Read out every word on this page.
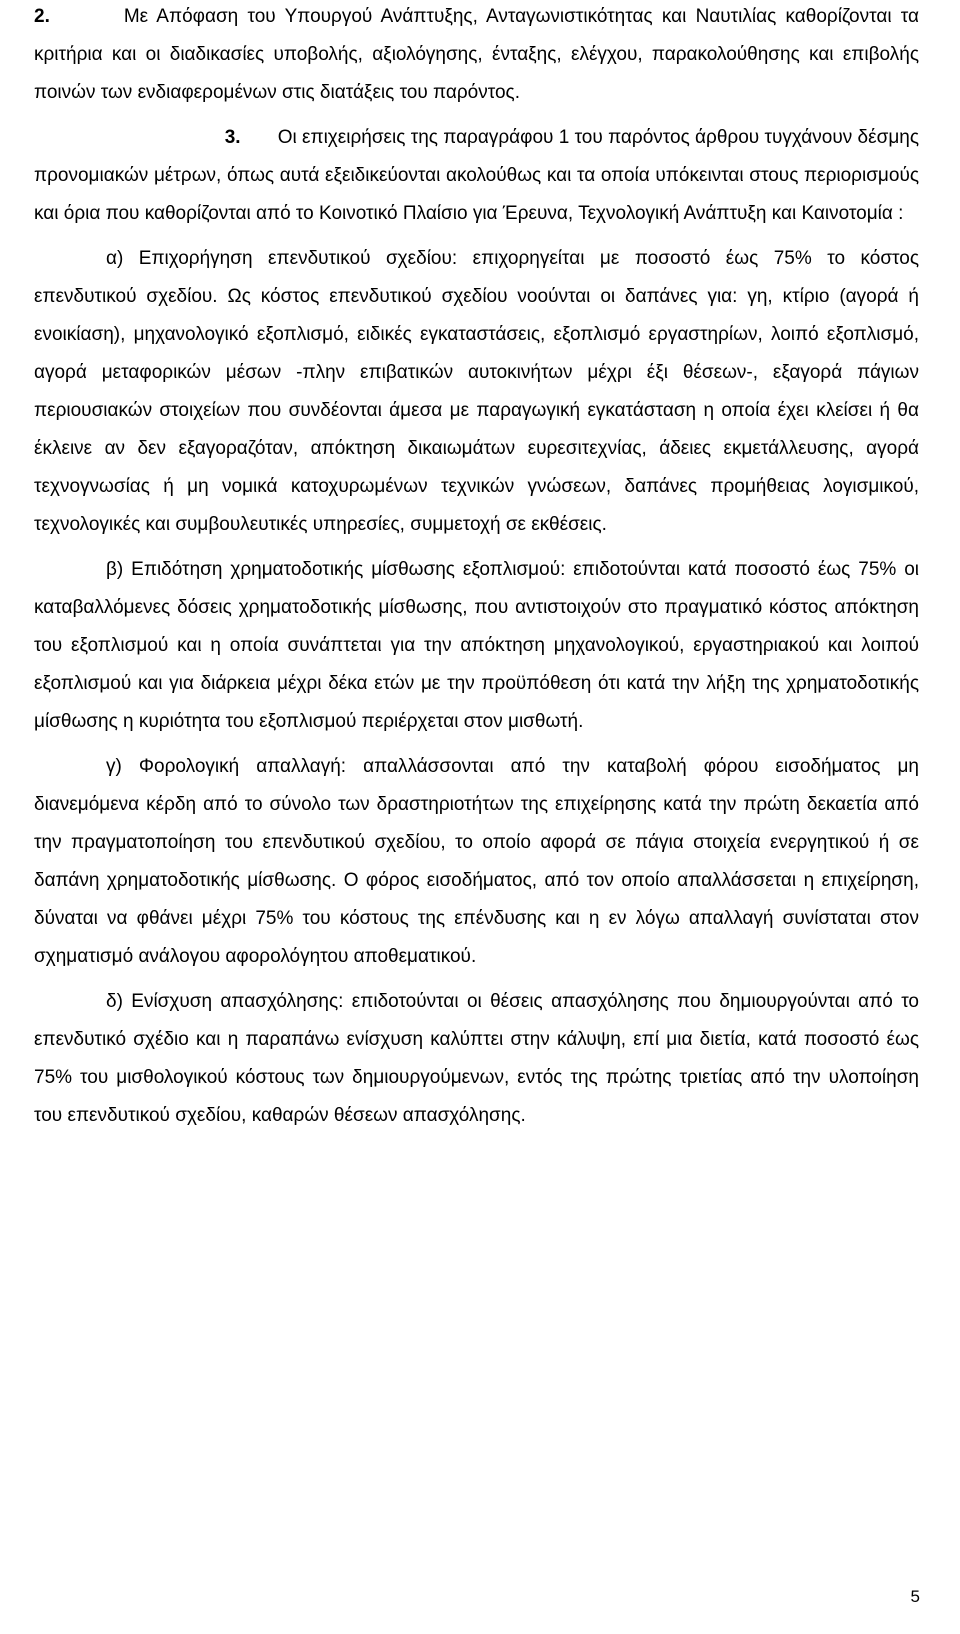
2.	Με Απόφαση του Υπουργού Ανάπτυξης, Ανταγωνιστικότητας και Ναυτιλίας καθορίζονται τα κριτήρια και οι διαδικασίες υποβολής, αξιολόγησης, ένταξης, ελέγχου, παρακολούθησης και επιβολής ποινών των ενδιαφερομένων στις διατάξεις του παρόντος.

3. Οι επιχειρήσεις της παραγράφου 1 του παρόντος άρθρου τυγχάνουν δέσμης προνομιακών μέτρων, όπως αυτά εξειδικεύονται ακολούθως και τα οποία υπόκεινται στους περιορισμούς και όρια που καθορίζονται από το Κοινοτικό Πλαίσιο για Έρευνα, Τεχνολογική Ανάπτυξη και Καινοτομία :

α) Επιχορήγηση επενδυτικού σχεδίου: επιχορηγείται με ποσοστό έως 75% το κόστος επενδυτικού σχεδίου. Ως κόστος επενδυτικού σχεδίου νοούνται οι δαπάνες για: γη, κτίριο (αγορά ή ενοικίαση), μηχανολογικό εξοπλισμό, ειδικές εγκαταστάσεις, εξοπλισμό εργαστηρίων, λοιπό εξοπλισμό, αγορά μεταφορικών μέσων -πλην επιβατικών αυτοκινήτων μέχρι έξι θέσεων-, εξαγορά πάγιων περιουσιακών στοιχείων που συνδέονται άμεσα με παραγωγική εγκατάσταση η οποία έχει κλείσει ή θα έκλεινε αν δεν εξαγοραζόταν, απόκτηση δικαιωμάτων ευρεσιτεχνίας, άδειες εκμετάλλευσης, αγορά τεχνογνωσίας ή μη νομικά κατοχυρωμένων τεχνικών γνώσεων, δαπάνες προμήθειας λογισμικού, τεχνολογικές και συμβουλευτικές υπηρεσίες, συμμετοχή σε εκθέσεις.

β) Επιδότηση χρηματοδοτικής μίσθωσης εξοπλισμού: επιδοτούνται κατά ποσοστό έως 75% οι καταβαλλόμενες δόσεις χρηματοδοτικής μίσθωσης, που αντιστοιχούν στο πραγματικό κόστος απόκτηση του εξοπλισμού και η οποία συνάπτεται για την απόκτηση μηχανολογικού, εργαστηριακού και λοιπού εξοπλισμού και για διάρκεια μέχρι δέκα ετών με την προϋπόθεση ότι κατά την λήξη της χρηματοδοτικής μίσθωσης η κυριότητα του εξοπλισμού περιέρχεται στον μισθωτή.

γ) Φορολογική απαλλαγή: απαλλάσσονται από την καταβολή φόρου εισοδήματος μη διανεμόμενα κέρδη από το σύνολο των δραστηριοτήτων της επιχείρησης κατά την πρώτη δεκαετία από την πραγματοποίηση του επενδυτικού σχεδίου, το οποίο αφορά σε πάγια στοιχεία ενεργητικού ή σε δαπάνη χρηματοδοτικής μίσθωσης. Ο φόρος εισοδήματος, από τον οποίο απαλλάσσεται η επιχείρηση, δύναται να φθάνει μέχρι 75% του κόστους της επένδυσης και η εν λόγω απαλλαγή συνίσταται στον σχηματισμό ανάλογου αφορολόγητου αποθεματικού.

δ) Ενίσχυση απασχόλησης: επιδοτούνται οι θέσεις απασχόλησης που δημιουργούνται από το επενδυτικό σχέδιο και η παραπάνω ενίσχυση καλύπτει στην κάλυψη, επί μια διετία, κατά ποσοστό έως 75% του μισθολογικού κόστους των δημιουργούμενων, εντός της πρώτης τριετίας από την υλοποίηση του επενδυτικού σχεδίου, καθαρών θέσεων απασχόλησης.

5
